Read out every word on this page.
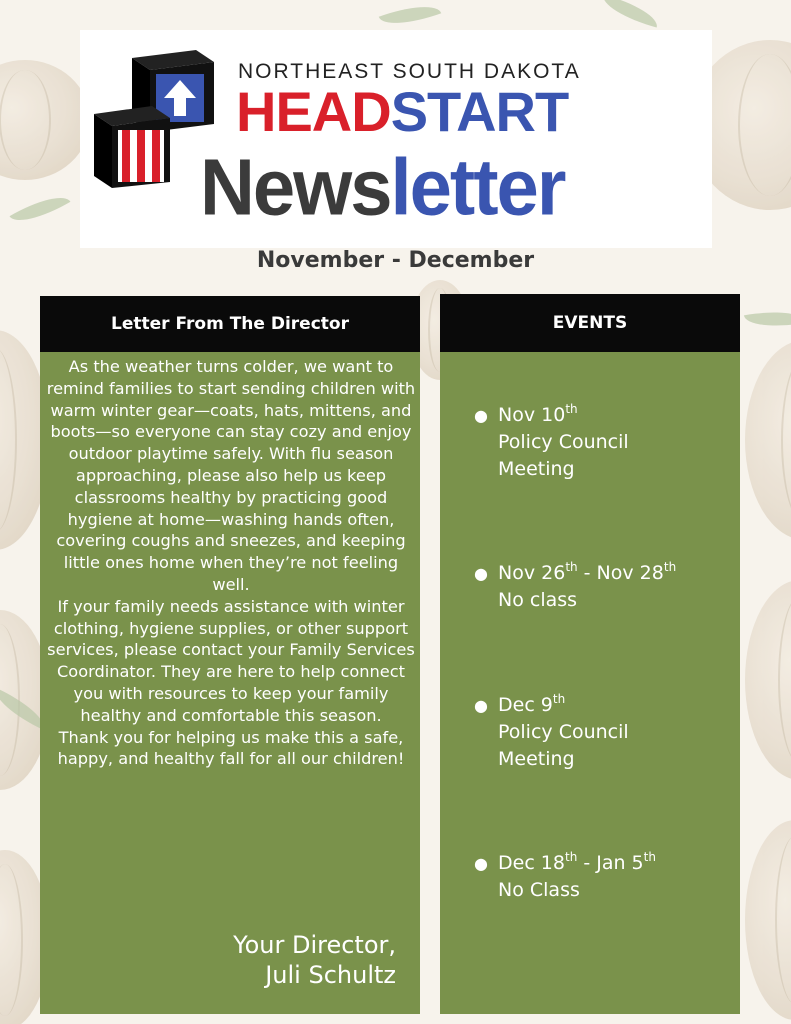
NORTHEAST SOUTH DAKOTA
HEADSTART
Newsletter
November - December
Letter From The Director

As the weather turns colder, we want to remind families to start sending children with warm winter gear—coats, hats, mittens, and boots—so everyone can stay cozy and enjoy outdoor playtime safely. With flu season approaching, please also help us keep classrooms healthy by practicing good hygiene at home—washing hands often, covering coughs and sneezes, and keeping little ones home when they’re not feeling well.

If your family needs assistance with winter clothing, hygiene supplies, or other support services, please contact your Family Services Coordinator. They are here to help connect you with resources to keep your family healthy and comfortable this season.

Thank you for helping us make this a safe, happy, and healthy fall for all our children!

Your Director,
Juli Schultz
EVENTS
● Nov 10th
Policy Council
Meeting
● Nov 26th - Nov 28th
No class
● Dec 9th
Policy Council
Meeting
● Dec 18th - Jan 5th
No Class
